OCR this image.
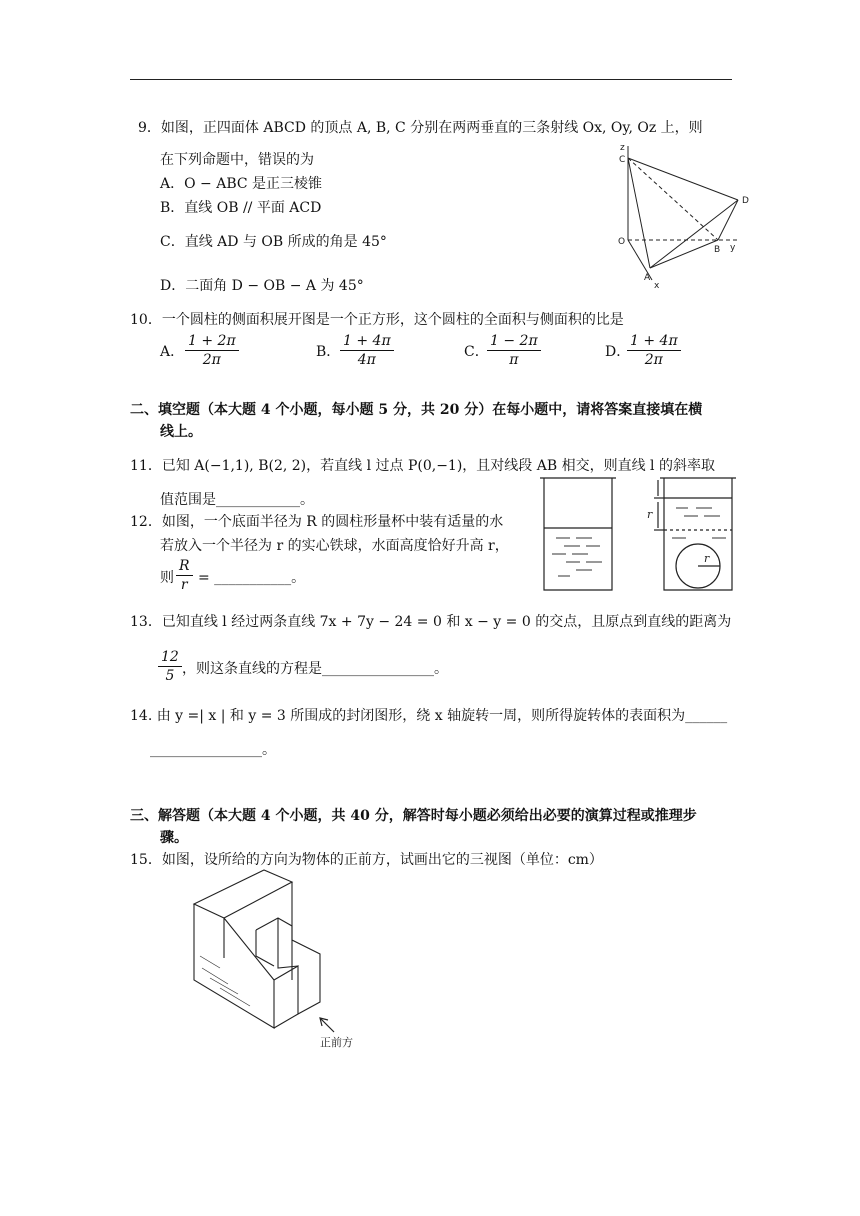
9．如图，正四面体 ABCD 的顶点 A, B, C 分别在两两垂直的三条射线 Ox, Oy, Oz 上，则
在下列命题中，错误的为
A．O − ABC 是正三棱锥
B．直线 OB // 平面 ACD
C．直线 AD 与 OB 所成的角是 45°
D．二面角 D − OB − A 为 45°
z
C
D
O
B y
A
x
10．一个圆柱的侧面积展开图是一个正方形，这个圆柱的全面积与侧面积的比是
A． $\frac{1 + 2\pi}{2\pi}$	B． $\frac{1 + 4\pi}{4\pi}$	C．
$\frac{1 - 2\pi}{\pi}$	D．
$\frac{1 + 4\pi}{2\pi}$
二、填空题（本大题 4 个小题，每小题 5 分，共 20 分）在每小题中，请将答案直接填在横
线上。
11．已知 A(−1,1), B(2, 2)，若直线 l 过点 P(0,−1)，且对线段 AB 相交，则直线 l 的斜率取
值范围是____________。
12．如图，一个底面半径为 R 的圆柱形量杯中装有适量的水
若放入一个半径为 r 的实心铁球，水面高度恰好升高 r，
则 $\frac{R}{r}$ = ___________。
r
r
13．已知直线 l 经过两条直线 7x + 7y − 24 = 0 和 x − y = 0 的交点，且原点到直线的距离为
$\frac{12}{5}$ ，则这条直线的方程是________________。
14. 由 y =| x | 和 y = 3 所围成的封闭图形，绕 x 轴旋转一周，则所得旋转体的表面积为______
________________。
三、解答题（本大题 4 个小题，共 40 分，解答时每小题必须给出必要的演算过程或推理步
骤。
15．如图，设所给的方向为物体的正前方，试画出它的三视图（单位：cm）
正前方
